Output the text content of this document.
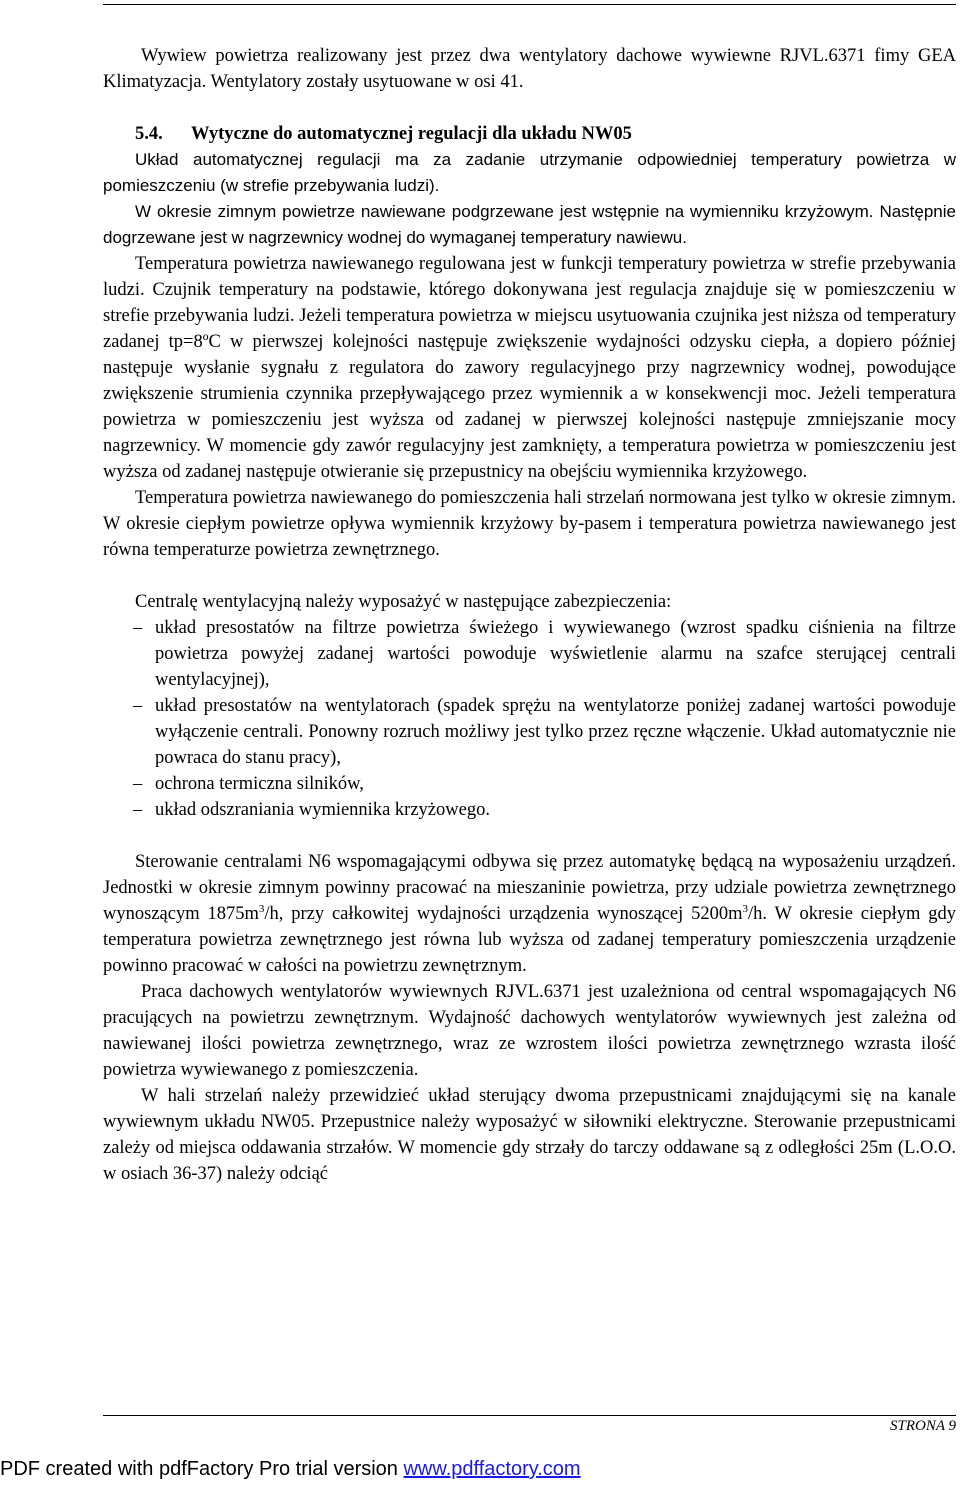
Wywiew powietrza realizowany jest przez dwa wentylatory dachowe wywiewne RJVL.6371 fimy GEA Klimatyzacja. Wentylatory zostały usytuowane w osi 41.

5.4. Wytyczne do automatycznej regulacji dla układu NW05

Układ automatycznej regulacji ma za zadanie utrzymanie odpowiedniej temperatury powietrza w pomieszczeniu (w strefie przebywania ludzi).

W okresie zimnym powietrze nawiewane podgrzewane jest wstępnie na wymienniku krzyżowym. Następnie dogrzewane jest w nagrzewnicy wodnej do wymaganej temperatury nawiewu.

Temperatura powietrza nawiewanego regulowana jest w funkcji temperatury powietrza w strefie przebywania ludzi. Czujnik temperatury na podstawie, którego dokonywana jest regulacja znajduje się w pomieszczeniu w strefie przebywania ludzi. Jeżeli temperatura powietrza w miejscu usytuowania czujnika jest niższa od temperatury zadanej tp=8ºC w pierwszej kolejności następuje zwiększenie wydajności odzysku ciepła, a dopiero później następuje wysłanie sygnału z regulatora do zawory regulacyjnego przy nagrzewnicy wodnej, powodujące zwiększenie strumienia czynnika przepływającego przez wymiennik a w konsekwencji moc. Jeżeli temperatura powietrza w pomieszczeniu jest wyższa od zadanej w pierwszej kolejności następuje zmniejszanie mocy nagrzewnicy. W momencie gdy zawór regulacyjny jest zamknięty, a temperatura powietrza w pomieszczeniu jest wyższa od zadanej następuje otwieranie się przepustnicy na obejściu wymiennika krzyżowego.

Temperatura powietrza nawiewanego do pomieszczenia hali strzelań normowana jest tylko w okresie zimnym. W okresie ciepłym powietrze opływa wymiennik krzyżowy by-pasem i temperatura powietrza nawiewanego jest równa temperaturze powietrza zewnętrznego.

Centralę wentylacyjną należy wyposażyć w następujące zabezpieczenia:

– układ presostatów na filtrze powietrza świeżego i wywiewanego (wzrost spadku ciśnienia na filtrze powietrza powyżej zadanej wartości powoduje wyświetlenie alarmu na szafce sterującej centrali wentylacyjnej),
– układ presostatów na wentylatorach (spadek sprężu na wentylatorze poniżej zadanej wartości powoduje wyłączenie centrali. Ponowny rozruch możliwy jest tylko przez ręczne włączenie. Układ automatycznie nie powraca do stanu pracy),
– ochrona termiczna silników,
– układ odszraniania wymiennika krzyżowego.

Sterowanie centralami N6 wspomagającymi odbywa się przez automatykę będącą na wyposażeniu urządzeń. Jednostki w okresie zimnym powinny pracować na mieszaninie powietrza, przy udziale powietrza zewnętrznego wynoszącym $1875m^3/h$, przy całkowitej wydajności urządzenia wynoszącej $5200m^3/h$. W okresie ciepłym gdy temperatura powietrza zewnętrznego jest równa lub wyższa od zadanej temperatury pomieszczenia urządzenie powinno pracować w całości na powietrzu zewnętrznym.

Praca dachowych wentylatorów wywiewnych RJVL.6371 jest uzależniona od central wspomagających N6 pracujących na powietrzu zewnętrznym. Wydajność dachowych wentylatorów wywiewnych jest zależna od nawiewanej ilości powietrza zewnętrznego, wraz ze wzrostem ilości powietrza zewnętrznego wzrasta ilość powietrza wywiewanego z pomieszczenia.

W hali strzelań należy przewidzieć układ sterujący dwoma przepustnicami znajdującymi się na kanale wywiewnym układu NW05. Przepustnice należy wyposażyć w siłowniki elektryczne. Sterowanie przepustnicami zależy od miejsca oddawania strzałów. W momencie gdy strzały do tarczy oddawane są z odległości 25m (L.O.O. w osiach 36-37) należy odciąć

STRONA 9
PDF created with pdfFactory Pro trial version www.pdffactory.com
